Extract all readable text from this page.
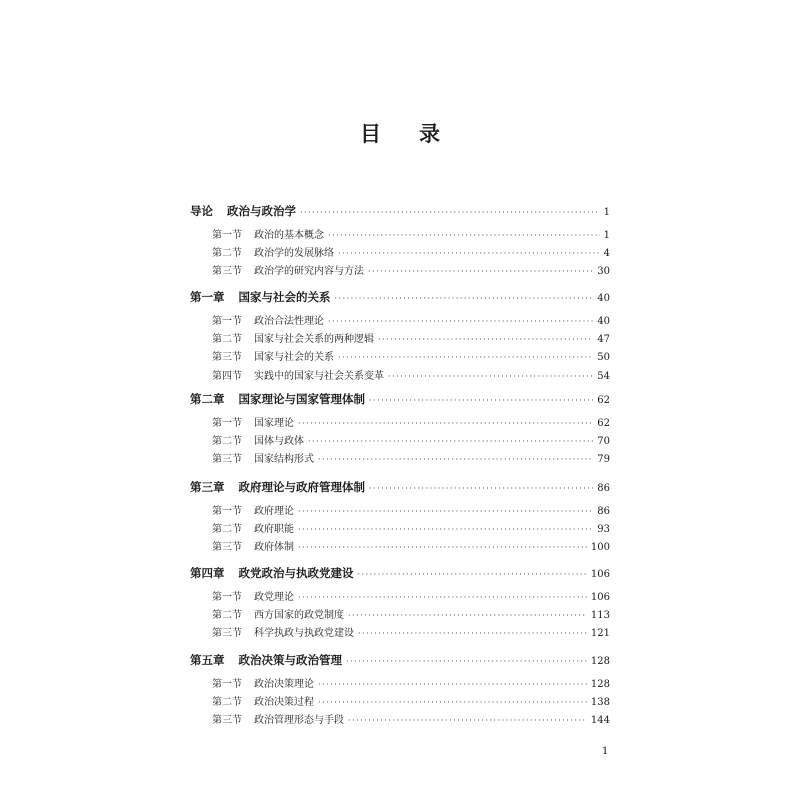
目录
导论 政治与政治学 ·····	1
第一节 政治的基本概念 ·····	1
第二节 政治学的发展脉络 ·····	4
第三节 政治学的研究内容与方法 ·····	30
第一章 国家与社会的关系 ·····	40
第一节 政治合法性理论 ·····	40
第二节 国家与社会关系的两种逻辑 ·····	47
第三节 国家与社会的关系 ·····	50
第四节 实践中的国家与社会关系变革 ·····	54
第二章 国家理论与国家管理体制 ·····	62
第一节 国家理论 ·····	62
第二节 国体与政体 ·····	70
第三节 国家结构形式 ·····	79
第三章 政府理论与政府管理体制 ·····	86
第一节 政府理论 ·····	86
第二节 政府职能 ·····	93
第三节 政府体制 ·····	100
第四章 政党政治与执政党建设 ·····	106
第一节 政党理论 ·····	106
第二节 西方国家的政党制度 ·····	113
第三节 科学执政与执政党建设 ·····	121
第五章 政治决策与政治管理 ·····	128
第一节 政治决策理论 ·····	128
第二节 政治决策过程 ·····	138
第三节 政治管理形态与手段 ·····	144
1
